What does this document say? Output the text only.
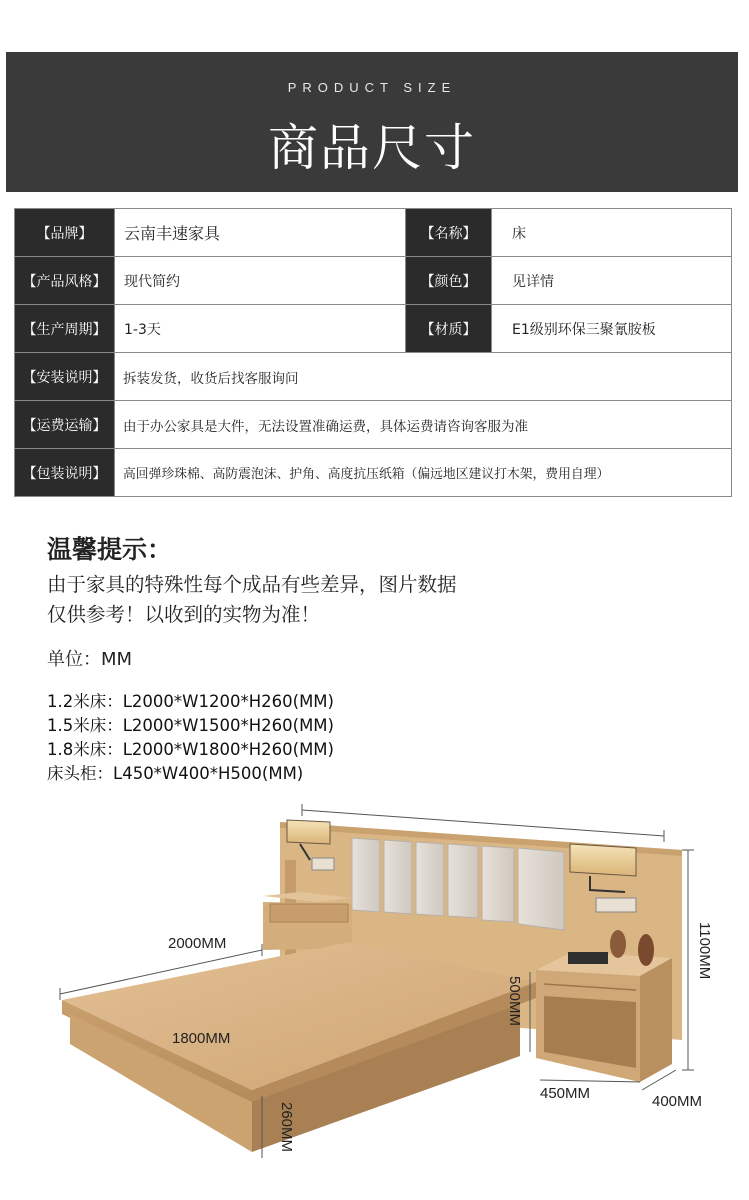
PRODUCT SIZE
商品尺寸
【品牌】	云南丰速家具	【名称】	床
【产品风格】	现代简约	【颜色】	见详情
【生产周期】	1-3天	【材质】	E1级别环保三聚氰胺板
【安装说明】	拆装发货，收货后找客服询问		
【运费运输】	由于办公家具是大件，无法设置准确运费，具体运费请咨询客服为准		
【包装说明】	高回弹珍珠棉、高防震泡沫、护角、高度抗压纸箱（偏远地区建议打木架，费用自理）		
温馨提示：
由于家具的特殊性每个成品有些差异，图片数据
仅供参考！以收到的实物为准！
单位：MM
1.2米床：L2000*W1200*H260(MM)
1.5米床：L2000*W1500*H260(MM)
1.8米床：L2000*W1800*H260(MM)
床头柜：L450*W400*H500(MM)
2000MM
1800MM
450MM	400MM
1100MM
500MM
260MM
